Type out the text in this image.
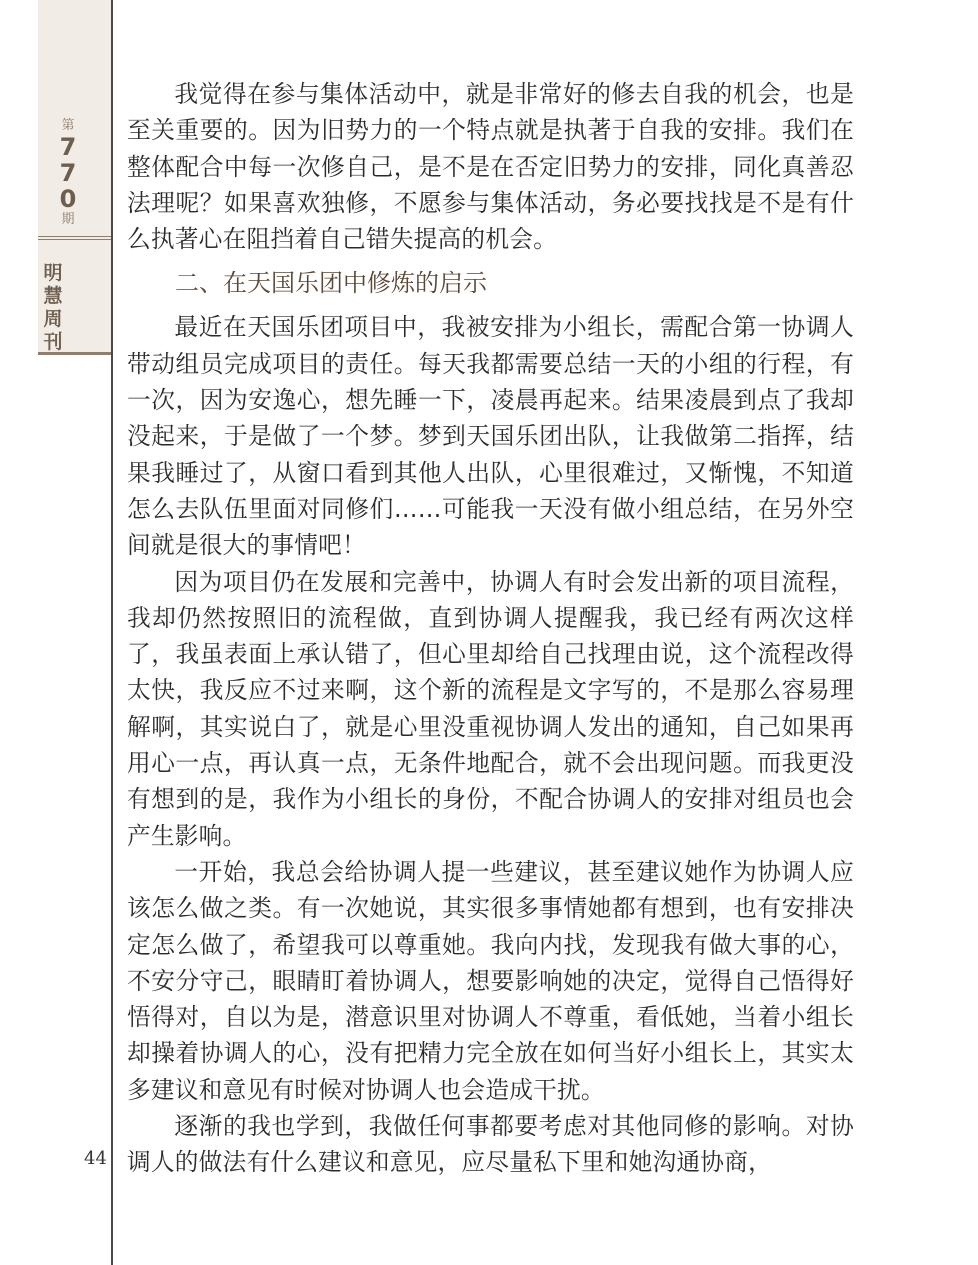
第
7
7
0
期
明
慧
周
刊
44

我觉得在参与集体活动中，就是非常好的修去自我的机会，也是至关重要的。因为旧势力的一个特点就是执著于自我的安排。我们在整体配合中每一次修自己，是不是在否定旧势力的安排，同化真善忍法理呢？如果喜欢独修，不愿参与集体活动，务必要找找是不是有什么执著心在阻挡着自己错失提高的机会。

二、在天国乐团中修炼的启示

最近在天国乐团项目中，我被安排为小组长，需配合第一协调人带动组员完成项目的责任。每天我都需要总结一天的小组的行程，有一次，因为安逸心，想先睡一下，凌晨再起来。结果凌晨到点了我却没起来，于是做了一个梦。梦到天国乐团出队，让我做第二指挥，结果我睡过了，从窗口看到其他人出队，心里很难过，又惭愧，不知道怎么去队伍里面对同修们……可能我一天没有做小组总结，在另外空间就是很大的事情吧！

因为项目仍在发展和完善中，协调人有时会发出新的项目流程，我却仍然按照旧的流程做，直到协调人提醒我，我已经有两次这样了，我虽表面上承认错了，但心里却给自己找理由说，这个流程改得太快，我反应不过来啊，这个新的流程是文字写的，不是那么容易理解啊，其实说白了，就是心里没重视协调人发出的通知，自己如果再用心一点，再认真一点，无条件地配合，就不会出现问题。而我更没有想到的是，我作为小组长的身份，不配合协调人的安排对组员也会产生影响。

一开始，我总会给协调人提一些建议，甚至建议她作为协调人应该怎么做之类。有一次她说，其实很多事情她都有想到，也有安排决定怎么做了，希望我可以尊重她。我向内找，发现我有做大事的心，不安分守己，眼睛盯着协调人，想要影响她的决定，觉得自己悟得好悟得对，自以为是，潜意识里对协调人不尊重，看低她，当着小组长却操着协调人的心，没有把精力完全放在如何当好小组长上，其实太多建议和意见有时候对协调人也会造成干扰。

逐渐的我也学到，我做任何事都要考虑对其他同修的影响。对协调人的做法有什么建议和意见，应尽量私下里和她沟通协商，
